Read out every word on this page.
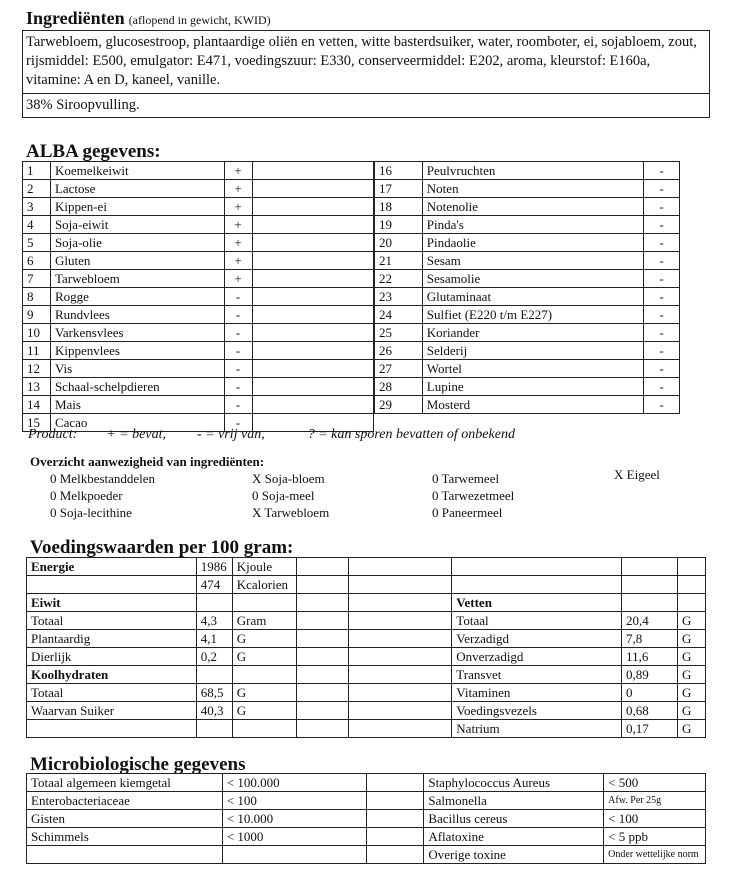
Ingrediënten (aflopend in gewicht, KWID)
Tarwebloem, glucosestroop, plantaardige oliën en vetten, witte basterdsuiker, water, roomboter, ei, sojabloem, zout, rijsmiddel: E500, emulgator: E471, voedingszuur: E330, conserveermiddel: E202, aroma, kleurstof: E160a, vitamine: A en D, kaneel, vanille.
38% Siroopvulling.
ALBA gegevens:
1	Koemelkeiwit	+	
2	Lactose	+	
3	Kippen-ei	+	
4	Soja-eiwit	+	
5	Soja-olie	+	
6	Gluten	+	
7	Tarwebloem	+	
8	Rogge	-	
9	Rundvlees	-	
10	Varkensvlees	-	
11	Kippenvlees	-	
12	Vis	-	
13	Schaal-schelpdieren	-	
14	Mais	-	
15	Cacao	-	
16	Peulvruchten	-
17	Noten	-
18	Notenolie	-
19	Pinda's	-
20	Pindaolie	-
21	Sesam	-
22	Sesamolie	-
23	Glutaminaat	-
24	Sulfiet (E220 t/m E227)	-
25	Koriander	-
26	Selderij	-
27	Wortel	-
28	Lupine	-
29	Mosterd	-
Product: + = bevat, - = vrij van,	? = kan sporen bevatten of onbekend
Overzicht aanwezigheid van ingrediënten:
0 Melkbestanddelen
0 Melkpoeder
0 Soja-lecithine
X Soja-bloem
0 Soja-meel
X Tarwebloem
0 Tarwemeel
0 Tarwezetmeel
0 Paneermeel
X Eigeel
Voedingswaarden per 100 gram:
Energie	1986	Kjoule					
	474	Kcalorien					
Eiwit					Vetten		
Totaal	4,3	Gram			Totaal	20,4	G
Plantaardig	4,1	G			Verzadigd	7,8	G
Dierlijk	0,2	G			Onverzadigd	11,6	G
Koolhydraten					Transvet	0,89	G
Totaal	68,5	G			Vitaminen	0	G
Waarvan Suiker	40,3	G			Voedingsvezels	0,68	G
					Natrium	0,17	G
Microbiologische gegevens
Totaal algemeen kiemgetal	< 100.000		Staphylococcus Aureus	< 500
Enterobacteriaceae	< 100		Salmonella	Afw. Per 25g
Gisten	< 10.000		Bacillus cereus	< 100
Schimmels	< 1000		Aflatoxine	< 5 ppb
			Overige toxine	Onder wettelijke norm
